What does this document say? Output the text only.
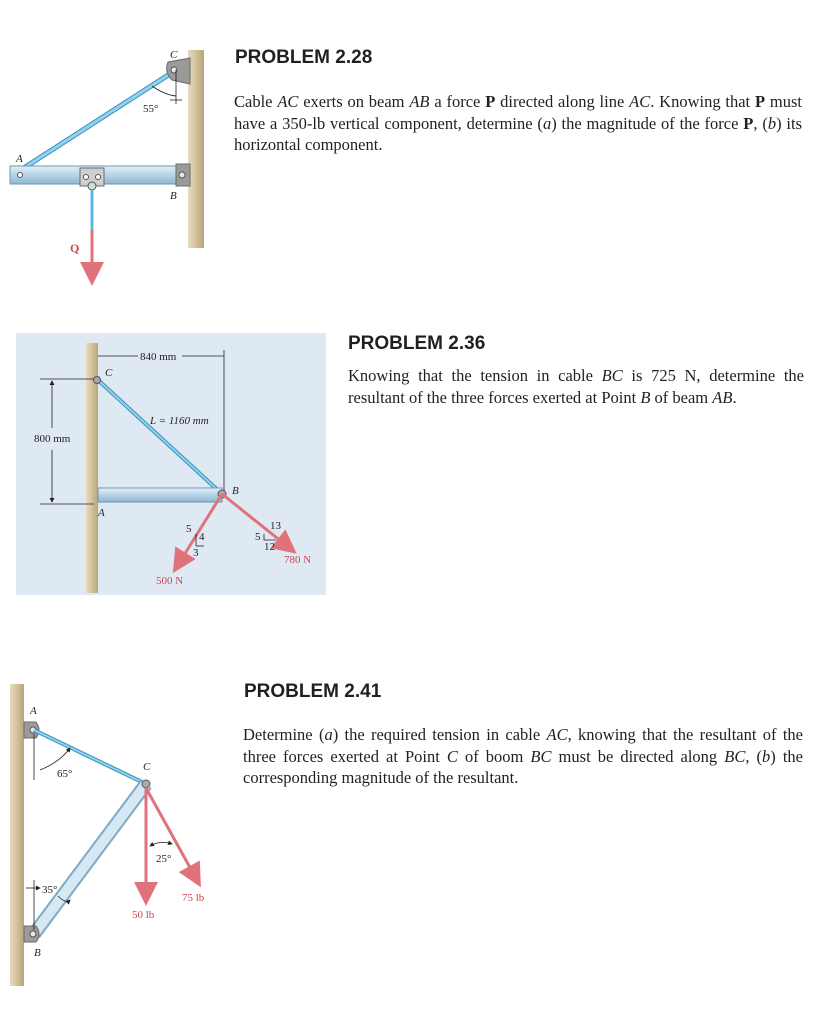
55°
Q
A
B
C	PROBLEM 2.28

Cable AC exerts on beam AB a force P directed along line AC. Knowing that P must have a 350-lb vertical component, determine (a) the magnitude of the force P, (b) its horizontal component.

840 mm
800 mm
C
L = 1160 mm
B
A
500 N
780 N
5
4
3
5
13
12
PROBLEM 2.36

Knowing that the tension in cable BC is 725 N, determine the resultant of the three forces exerted at Point B of beam AB.

A
65°
C
B
35°
25°
50 lb
75 lb
PROBLEM 2.41

Determine (a) the required tension in cable AC, knowing that the resultant of the three forces exerted at Point C of boom BC must be directed along BC, (b) the corresponding magnitude of the resultant.
